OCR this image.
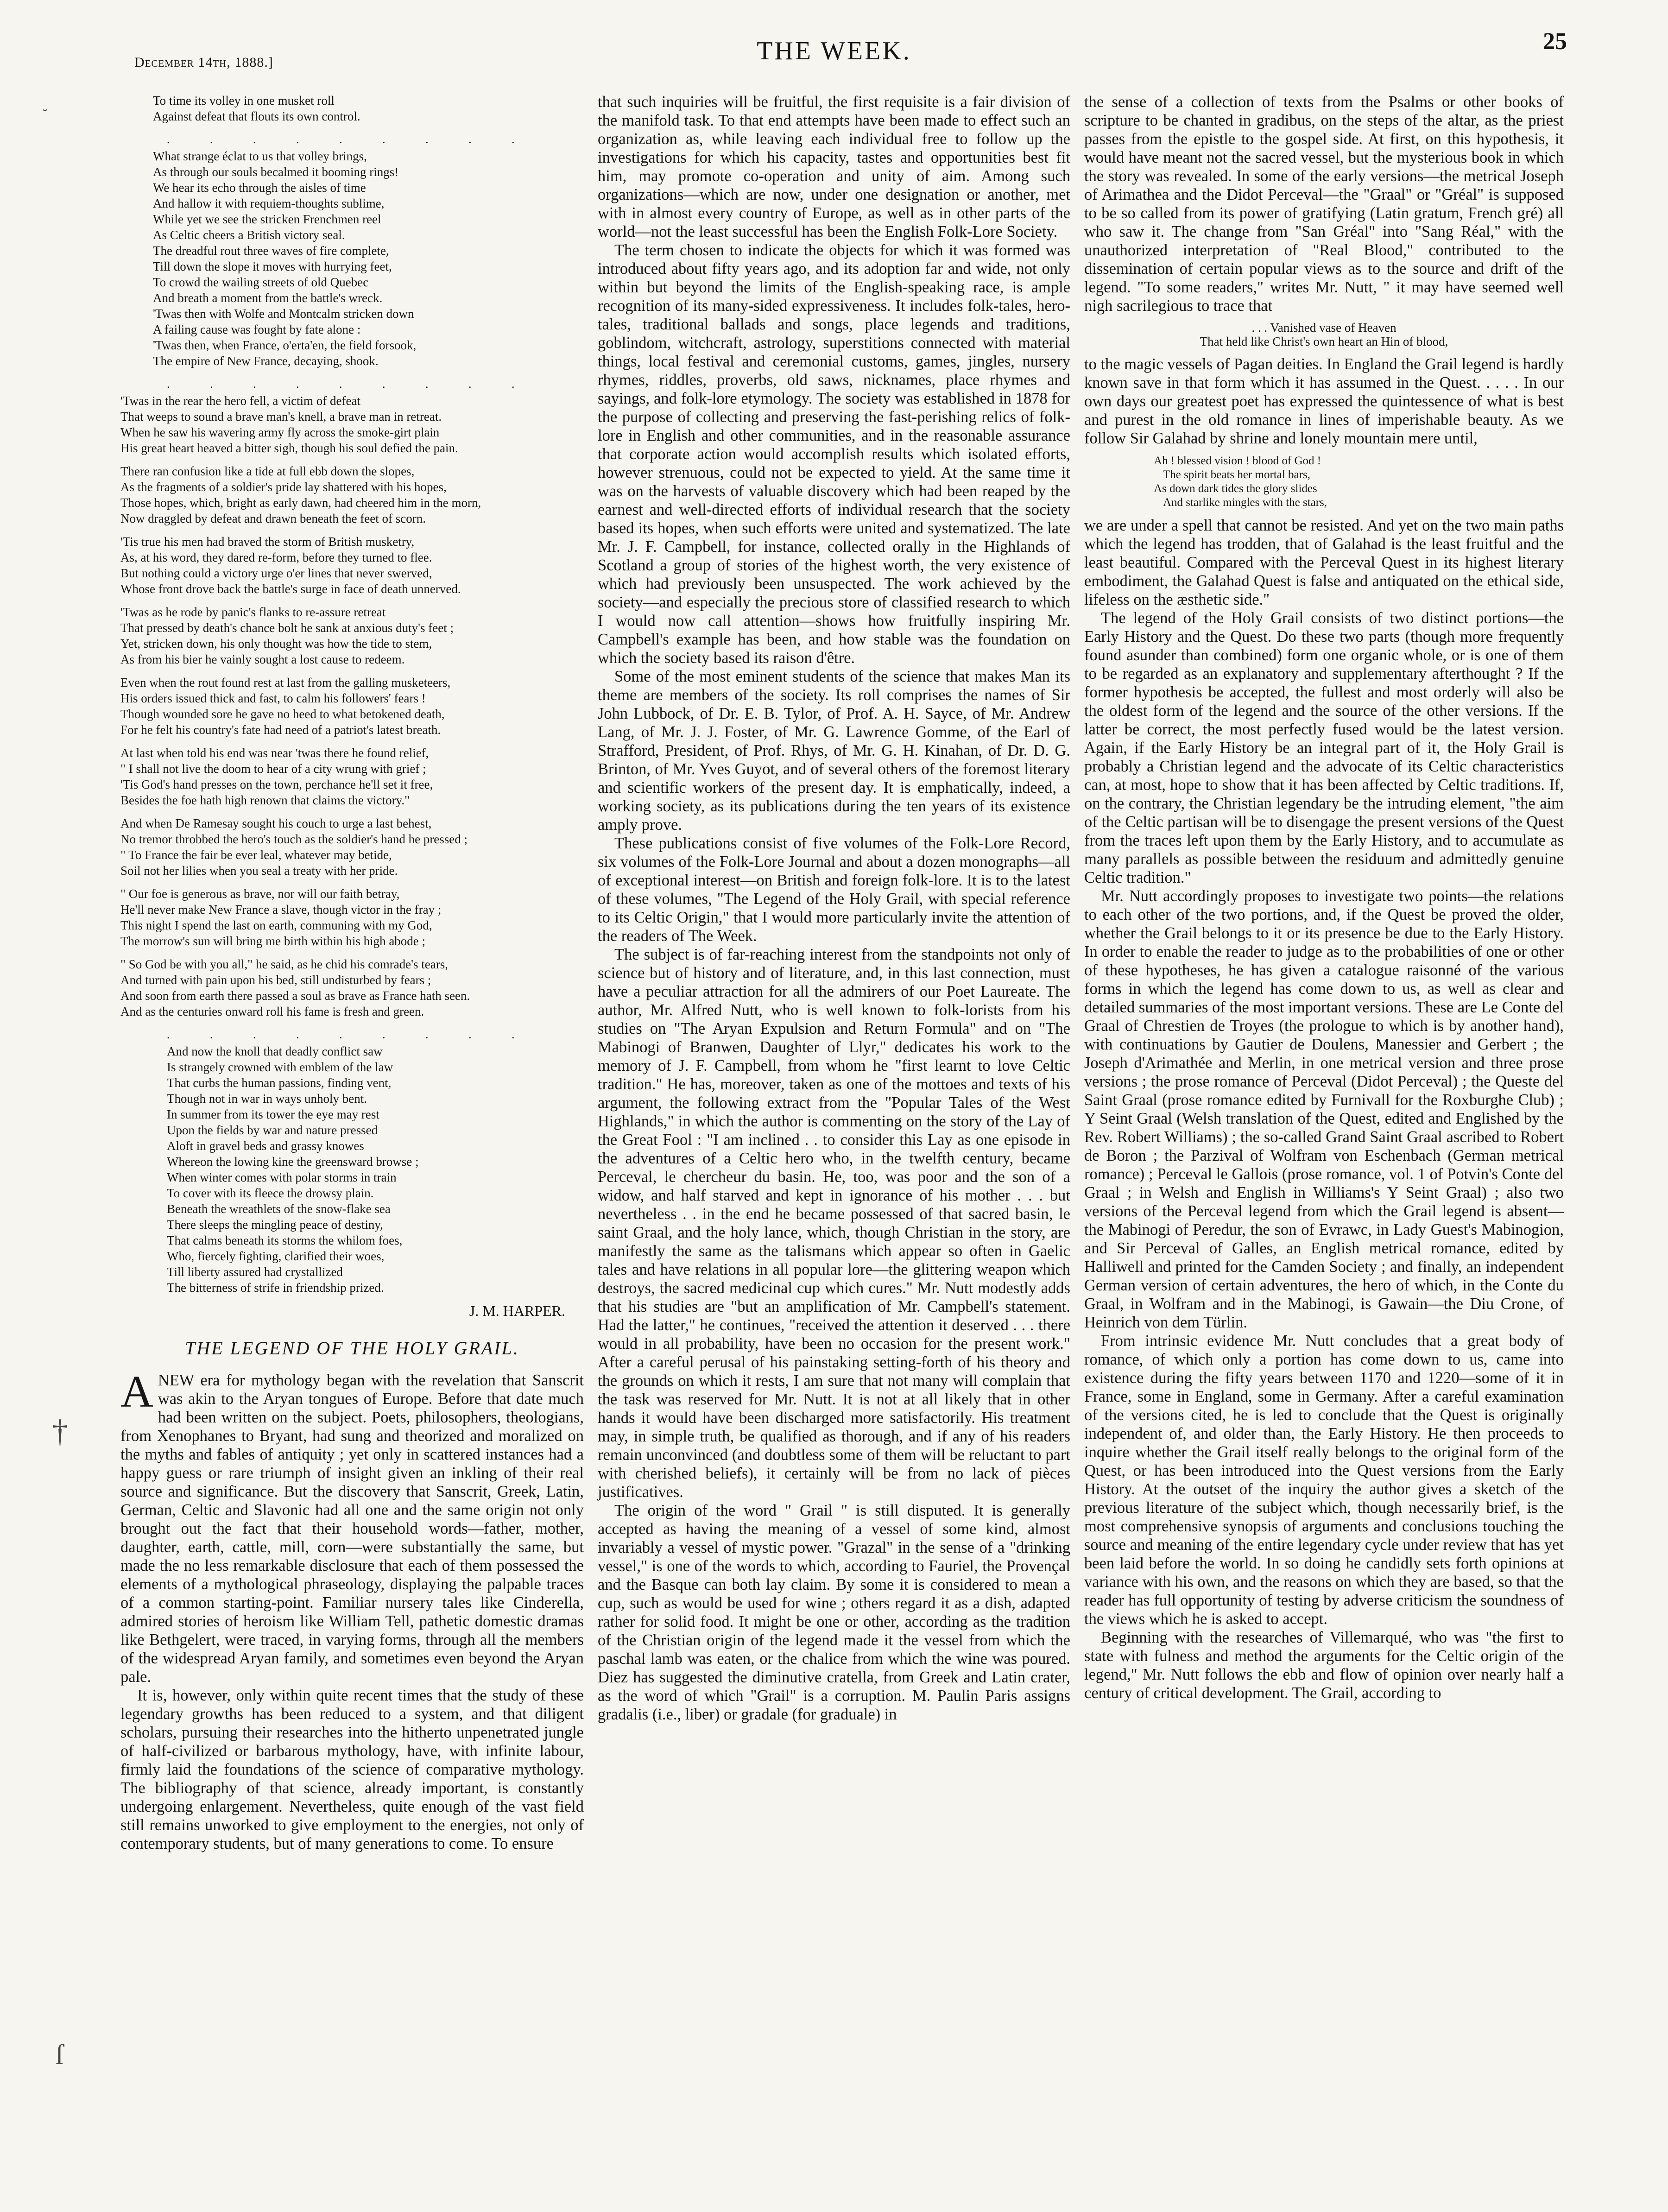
December 14th, 1888.]	THE WEEK.	25
˘
†
ſ
To time its volley in one musket roll
Against defeat that flouts its own control.
. . . . . . . . .
What strange éclat to us that volley brings,
As through our souls becalmed it booming rings!
We hear its echo through the aisles of time
And hallow it with requiem-thoughts sublime,
While yet we see the stricken Frenchmen reel
As Celtic cheers a British victory seal.
The dreadful rout three waves of fire complete,
Till down the slope it moves with hurrying feet,
To crowd the wailing streets of old Quebec
And breath a moment from the battle's wreck.
'Twas then with Wolfe and Montcalm stricken down
A failing cause was fought by fate alone :
'Twas then, when France, o'erta'en, the field forsook,
The empire of New France, decaying, shook.
. . . . . . . . .
'Twas in the rear the hero fell, a victim of defeat
That weeps to sound a brave man's knell, a brave man in retreat.
When he saw his wavering army fly across the smoke-girt plain
His great heart heaved a bitter sigh, though his soul defied the pain.
There ran confusion like a tide at full ebb down the slopes,
As the fragments of a soldier's pride lay shattered with his hopes,
Those hopes, which, bright as early dawn, had cheered him in the morn,
Now draggled by defeat and drawn beneath the feet of scorn.
'Tis true his men had braved the storm of British musketry,
As, at his word, they dared re-form, before they turned to flee.
But nothing could a victory urge o'er lines that never swerved,
Whose front drove back the battle's surge in face of death unnerved.
'Twas as he rode by panic's flanks to re-assure retreat
That pressed by death's chance bolt he sank at anxious duty's feet ;
Yet, stricken down, his only thought was how the tide to stem,
As from his bier he vainly sought a lost cause to redeem.
Even when the rout found rest at last from the galling musketeers,
His orders issued thick and fast, to calm his followers' fears !
Though wounded sore he gave no heed to what betokened death,
For he felt his country's fate had need of a patriot's latest breath.
At last when told his end was near 'twas there he found relief,
" I shall not live the doom to hear of a city wrung with grief ;
'Tis God's hand presses on the town, perchance he'll set it free,
Besides the foe hath high renown that claims the victory."
And when De Ramesay sought his couch to urge a last behest,
No tremor throbbed the hero's touch as the soldier's hand he pressed ;
" To France the fair be ever leal, whatever may betide,
Soil not her lilies when you seal a treaty with her pride.
" Our foe is generous as brave, nor will our faith betray,
He'll never make New France a slave, though victor in the fray ;
This night I spend the last on earth, communing with my God,
The morrow's sun will bring me birth within his high abode ;
" So God be with you all," he said, as he chid his comrade's tears,
And turned with pain upon his bed, still undisturbed by fears ;
And soon from earth there passed a soul as brave as France hath seen.
And as the centuries onward roll his fame is fresh and green.
. . . . . . . . .
And now the knoll that deadly conflict saw
Is strangely crowned with emblem of the law
That curbs the human passions, finding vent,
Though not in war in ways unholy bent.
In summer from its tower the eye may rest
Upon the fields by war and nature pressed
Aloft in gravel beds and grassy knowes
Whereon the lowing kine the greensward browse ;
When winter comes with polar storms in train
To cover with its fleece the drowsy plain.
Beneath the wreathlets of the snow-flake sea
There sleeps the mingling peace of destiny,
That calms beneath its storms the whilom foes,
Who, fiercely fighting, clarified their woes,
Till liberty assured had crystallized
The bitterness of strife in friendship prized.
J. M. HARPER.
THE LEGEND OF THE HOLY GRAIL.

A NEW era for mythology began with the revelation that Sanscrit was akin to the Aryan tongues of Europe. Before that date much had been written on the subject. Poets, philosophers, theologians, from Xenophanes to Bryant, had sung and theorized and moralized on the myths and fables of antiquity ; yet only in scattered instances had a happy guess or rare triumph of insight given an inkling of their real source and significance. But the discovery that Sanscrit, Greek, Latin, German, Celtic and Slavonic had all one and the same origin not only brought out the fact that their household words—father, mother, daughter, earth, cattle, mill, corn—were substantially the same, but made the no less remarkable disclosure that each of them possessed the elements of a mythological phraseology, displaying the palpable traces of a common starting-point. Familiar nursery tales like Cinderella, admired stories of heroism like William Tell, pathetic domestic dramas like Bethgelert, were traced, in varying forms, through all the members of the widespread Aryan family, and sometimes even beyond the Aryan pale.

It is, however, only within quite recent times that the study of these legendary growths has been reduced to a system, and that diligent scholars, pursuing their researches into the hitherto unpenetrated jungle of half-civilized or barbarous mythology, have, with infinite labour, firmly laid the foundations of the science of comparative mythology. The bibliography of that science, already important, is constantly undergoing enlargement. Nevertheless, quite enough of the vast field still remains unworked to give employment to the energies, not only of contemporary students, but of many generations to come. To ensure

that such inquiries will be fruitful, the first requisite is a fair division of the manifold task. To that end attempts have been made to effect such an organization as, while leaving each individual free to follow up the investigations for which his capacity, tastes and opportunities best fit him, may promote co-operation and unity of aim. Among such organizations—which are now, under one designation or another, met with in almost every country of Europe, as well as in other parts of the world—not the least successful has been the English Folk-Lore Society.

The term chosen to indicate the objects for which it was formed was introduced about fifty years ago, and its adoption far and wide, not only within but beyond the limits of the English-speaking race, is ample recognition of its many-sided expressiveness. It includes folk-tales, hero-tales, traditional ballads and songs, place legends and traditions, goblindom, witchcraft, astrology, superstitions connected with material things, local festival and ceremonial customs, games, jingles, nursery rhymes, riddles, proverbs, old saws, nicknames, place rhymes and sayings, and folk-lore etymology. The society was established in 1878 for the purpose of collecting and preserving the fast-perishing relics of folk-lore in English and other communities, and in the reasonable assurance that corporate action would accomplish results which isolated efforts, however strenuous, could not be expected to yield. At the same time it was on the harvests of valuable discovery which had been reaped by the earnest and well-directed efforts of individual research that the society based its hopes, when such efforts were united and systematized. The late Mr. J. F. Campbell, for instance, collected orally in the Highlands of Scotland a group of stories of the highest worth, the very existence of which had previously been unsuspected. The work achieved by the society—and especially the precious store of classified research to which I would now call attention—shows how fruitfully inspiring Mr. Campbell's example has been, and how stable was the foundation on which the society based its raison d'être.

Some of the most eminent students of the science that makes Man its theme are members of the society. Its roll comprises the names of Sir John Lubbock, of Dr. E. B. Tylor, of Prof. A. H. Sayce, of Mr. Andrew Lang, of Mr. J. J. Foster, of Mr. G. Lawrence Gomme, of the Earl of Strafford, President, of Prof. Rhys, of Mr. G. H. Kinahan, of Dr. D. G. Brinton, of Mr. Yves Guyot, and of several others of the foremost literary and scientific workers of the present day. It is emphatically, indeed, a working society, as its publications during the ten years of its existence amply prove.

These publications consist of five volumes of the Folk-Lore Record, six volumes of the Folk-Lore Journal and about a dozen monographs—all of exceptional interest—on British and foreign folk-lore. It is to the latest of these volumes, "The Legend of the Holy Grail, with special reference to its Celtic Origin," that I would more particularly invite the attention of the readers of The Week.

The subject is of far-reaching interest from the standpoints not only of science but of history and of literature, and, in this last connection, must have a peculiar attraction for all the admirers of our Poet Laureate. The author, Mr. Alfred Nutt, who is well known to folk-lorists from his studies on "The Aryan Expulsion and Return Formula" and on "The Mabinogi of Branwen, Daughter of Llyr," dedicates his work to the memory of J. F. Campbell, from whom he "first learnt to love Celtic tradition." He has, moreover, taken as one of the mottoes and texts of his argument, the following extract from the "Popular Tales of the West Highlands," in which the author is commenting on the story of the Lay of the Great Fool : "I am inclined . . to consider this Lay as one episode in the adventures of a Celtic hero who, in the twelfth century, became Perceval, le chercheur du basin. He, too, was poor and the son of a widow, and half starved and kept in ignorance of his mother . . . but nevertheless . . in the end he became possessed of that sacred basin, le saint Graal, and the holy lance, which, though Christian in the story, are manifestly the same as the talismans which appear so often in Gaelic tales and have relations in all popular lore—the glittering weapon which destroys, the sacred medicinal cup which cures." Mr. Nutt modestly adds that his studies are "but an amplification of Mr. Campbell's statement. Had the latter," he continues, "received the attention it deserved . . . there would in all probability, have been no occasion for the present work." After a careful perusal of his painstaking setting-forth of his theory and the grounds on which it rests, I am sure that not many will complain that the task was reserved for Mr. Nutt. It is not at all likely that in other hands it would have been discharged more satisfactorily. His treatment may, in simple truth, be qualified as thorough, and if any of his readers remain unconvinced (and doubtless some of them will be reluctant to part with cherished beliefs), it certainly will be from no lack of pièces justificatives.

The origin of the word " Grail " is still disputed. It is generally accepted as having the meaning of a vessel of some kind, almost invariably a vessel of mystic power. "Grazal" in the sense of a "drinking vessel," is one of the words to which, according to Fauriel, the Provençal and the Basque can both lay claim. By some it is considered to mean a cup, such as would be used for wine ; others regard it as a dish, adapted rather for solid food. It might be one or other, according as the tradition of the Christian origin of the legend made it the vessel from which the paschal lamb was eaten, or the chalice from which the wine was poured. Diez has suggested the diminutive cratella, from Greek and Latin crater, as the word of which "Grail" is a corruption. M. Paulin Paris assigns gradalis (i.e., liber) or gradale (for graduale) in

the sense of a collection of texts from the Psalms or other books of scripture to be chanted in gradibus, on the steps of the altar, as the priest passes from the epistle to the gospel side. At first, on this hypothesis, it would have meant not the sacred vessel, but the mysterious book in which the story was revealed. In some of the early versions—the metrical Joseph of Arimathea and the Didot Perceval—the "Graal" or "Gréal" is supposed to be so called from its power of gratifying (Latin gratum, French gré) all who saw it. The change from "San Gréal" into "Sang Réal," with the unauthorized interpretation of "Real Blood," contributed to the dissemination of certain popular views as to the source and drift of the legend. "To some readers," writes Mr. Nutt, " it may have seemed well nigh sacrilegious to trace that

. . . Vanished vase of Heaven
That held like Christ's own heart an Hin of blood,

to the magic vessels of Pagan deities. In England the Grail legend is hardly known save in that form which it has assumed in the Quest. . . . . In our own days our greatest poet has expressed the quintessence of what is best and purest in the old romance in lines of imperishable beauty. As we follow Sir Galahad by shrine and lonely mountain mere until,

Ah ! blessed vision ! blood of God !
The spirit beats her mortal bars,
As down dark tides the glory slides
And starlike mingles with the stars,

we are under a spell that cannot be resisted. And yet on the two main paths which the legend has trodden, that of Galahad is the least fruitful and the least beautiful. Compared with the Perceval Quest in its highest literary embodiment, the Galahad Quest is false and antiquated on the ethical side, lifeless on the æsthetic side."

The legend of the Holy Grail consists of two distinct portions—the Early History and the Quest. Do these two parts (though more frequently found asunder than combined) form one organic whole, or is one of them to be regarded as an explanatory and supplementary afterthought ? If the former hypothesis be accepted, the fullest and most orderly will also be the oldest form of the legend and the source of the other versions. If the latter be correct, the most perfectly fused would be the latest version. Again, if the Early History be an integral part of it, the Holy Grail is probably a Christian legend and the advocate of its Celtic characteristics can, at most, hope to show that it has been affected by Celtic traditions. If, on the contrary, the Christian legendary be the intruding element, "the aim of the Celtic partisan will be to disengage the present versions of the Quest from the traces left upon them by the Early History, and to accumulate as many parallels as possible between the residuum and admittedly genuine Celtic tradition."

Mr. Nutt accordingly proposes to investigate two points—the relations to each other of the two portions, and, if the Quest be proved the older, whether the Grail belongs to it or its presence be due to the Early History. In order to enable the reader to judge as to the probabilities of one or other of these hypotheses, he has given a catalogue raisonné of the various forms in which the legend has come down to us, as well as clear and detailed summaries of the most important versions. These are Le Conte del Graal of Chrestien de Troyes (the prologue to which is by another hand), with continuations by Gautier de Doulens, Manessier and Gerbert ; the Joseph d'Arimathée and Merlin, in one metrical version and three prose versions ; the prose romance of Perceval (Didot Perceval) ; the Queste del Saint Graal (prose romance edited by Furnivall for the Roxburghe Club) ; Y Seint Graal (Welsh translation of the Quest, edited and Englished by the Rev. Robert Williams) ; the so-called Grand Saint Graal ascribed to Robert de Boron ; the Parzival of Wolfram von Eschenbach (German metrical romance) ; Perceval le Gallois (prose romance, vol. 1 of Potvin's Conte del Graal ; in Welsh and English in Williams's Y Seint Graal) ; also two versions of the Perceval legend from which the Grail legend is absent—the Mabinogi of Peredur, the son of Evrawc, in Lady Guest's Mabinogion, and Sir Perceval of Galles, an English metrical romance, edited by Halliwell and printed for the Camden Society ; and finally, an independent German version of certain adventures, the hero of which, in the Conte du Graal, in Wolfram and in the Mabinogi, is Gawain—the Diu Crone, of Heinrich von dem Türlin.

From intrinsic evidence Mr. Nutt concludes that a great body of romance, of which only a portion has come down to us, came into existence during the fifty years between 1170 and 1220—some of it in France, some in England, some in Germany. After a careful examination of the versions cited, he is led to conclude that the Quest is originally independent of, and older than, the Early History. He then proceeds to inquire whether the Grail itself really belongs to the original form of the Quest, or has been introduced into the Quest versions from the Early History. At the outset of the inquiry the author gives a sketch of the previous literature of the subject which, though necessarily brief, is the most comprehensive synopsis of arguments and conclusions touching the source and meaning of the entire legendary cycle under review that has yet been laid before the world. In so doing he candidly sets forth opinions at variance with his own, and the reasons on which they are based, so that the reader has full opportunity of testing by adverse criticism the soundness of the views which he is asked to accept.

Beginning with the researches of Villemarqué, who was "the first to state with fulness and method the arguments for the Celtic origin of the legend," Mr. Nutt follows the ebb and flow of opinion over nearly half a century of critical development. The Grail, according to
